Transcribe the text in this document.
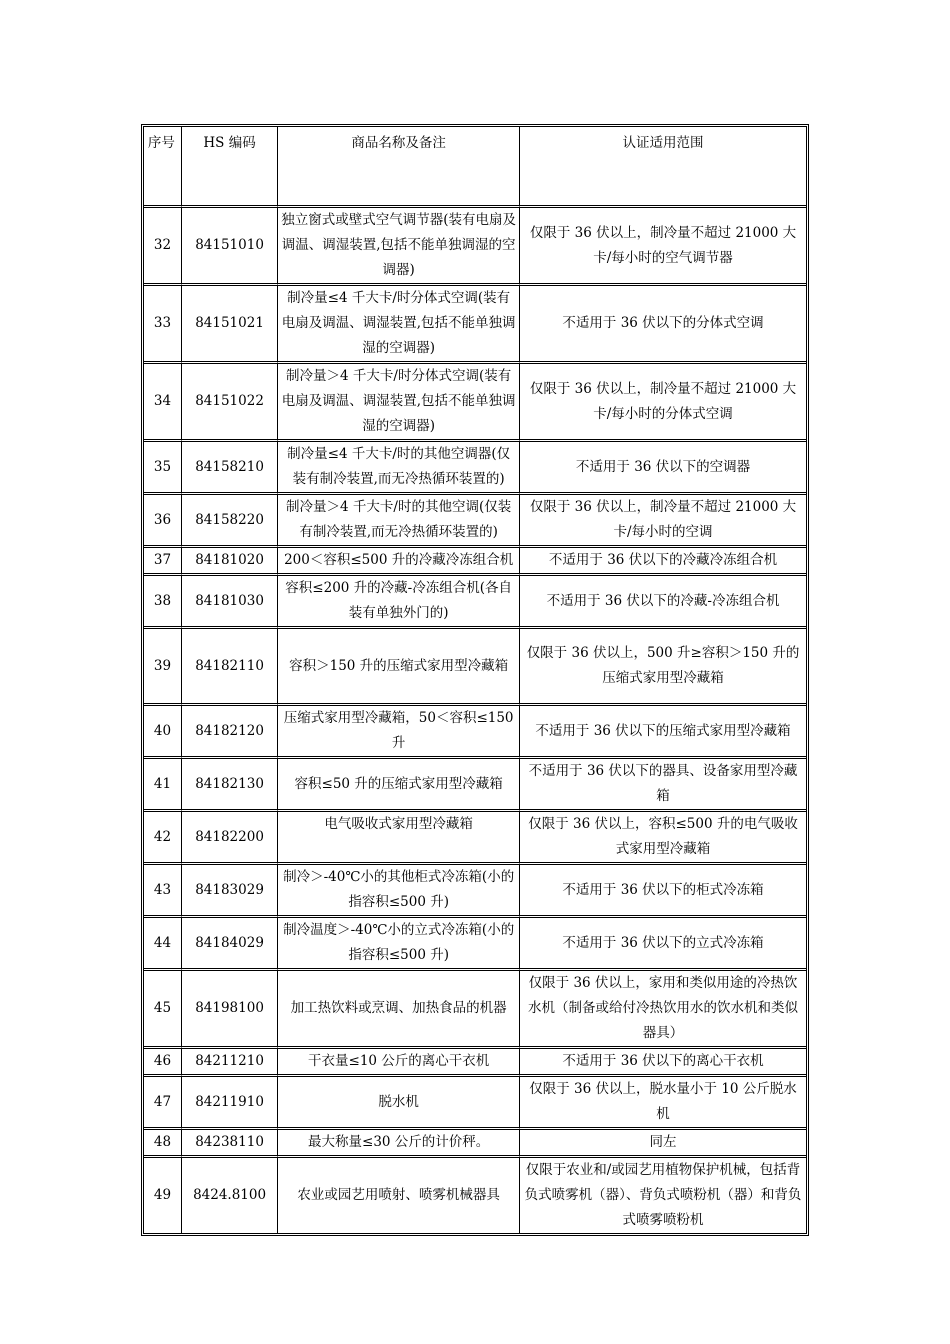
序号	HS 编码	商品名称及备注	认证适用范围
32	84151010	独立窗式或壁式空气调节器(装有电扇及调温、调湿装置,包括不能单独调湿的空调器)	仅限于 36 伏以上，制冷量不超过 21000 大卡/每小时的空气调节器
33	84151021	制冷量≤4 千大卡/时分体式空调(装有电扇及调温、调湿装置,包括不能单独调湿的空调器)	不适用于 36 伏以下的分体式空调
34	84151022	制冷量＞4 千大卡/时分体式空调(装有电扇及调温、调湿装置,包括不能单独调湿的空调器)	仅限于 36 伏以上，制冷量不超过 21000 大卡/每小时的分体式空调
35	84158210	制冷量≤4 千大卡/时的其他空调器(仅装有制冷装置,而无冷热循环装置的)	不适用于 36 伏以下的空调器
36	84158220	制冷量＞4 千大卡/时的其他空调(仅装有制冷装置,而无冷热循环装置的)	仅限于 36 伏以上，制冷量不超过 21000 大卡/每小时的空调
37	84181020	200＜容积≤500 升的冷藏冷冻组合机	不适用于 36 伏以下的冷藏冷冻组合机
38	84181030	容积≤200 升的冷藏-冷冻组合机(各自装有单独外门的)	不适用于 36 伏以下的冷藏-冷冻组合机
39	84182110	容积＞150 升的压缩式家用型冷藏箱	仅限于 36 伏以上，500 升≥容积＞150 升的压缩式家用型冷藏箱
40	84182120	压缩式家用型冷藏箱，50＜容积≤150 升	不适用于 36 伏以下的压缩式家用型冷藏箱
41	84182130	容积≤50 升的压缩式家用型冷藏箱	不适用于 36 伏以下的器具、设备家用型冷藏箱
42	84182200	电气吸收式家用型冷藏箱	仅限于 36 伏以上，容积≤500 升的电气吸收式家用型冷藏箱
43	84183029	制冷＞-40℃小的其他柜式冷冻箱(小的指容积≤500 升)	不适用于 36 伏以下的柜式冷冻箱
44	84184029	制冷温度＞-40℃小的立式冷冻箱(小的指容积≤500 升)	不适用于 36 伏以下的立式冷冻箱
45	84198100	加工热饮料或烹调、加热食品的机器	仅限于 36 伏以上，家用和类似用途的冷热饮水机（制备或给付冷热饮用水的饮水机和类似器具）
46	84211210	干衣量≤10 公斤的离心干衣机	不适用于 36 伏以下的离心干衣机
47	84211910	脱水机	仅限于 36 伏以上，脱水量小于 10 公斤脱水机
48	84238110	最大称量≤30 公斤的计价秤。	同左
49	8424.8100	农业或园艺用喷射、喷雾机械器具	仅限于农业和/或园艺用植物保护机械，包括背负式喷雾机（器）、背负式喷粉机（器）和背负式喷雾喷粉机
